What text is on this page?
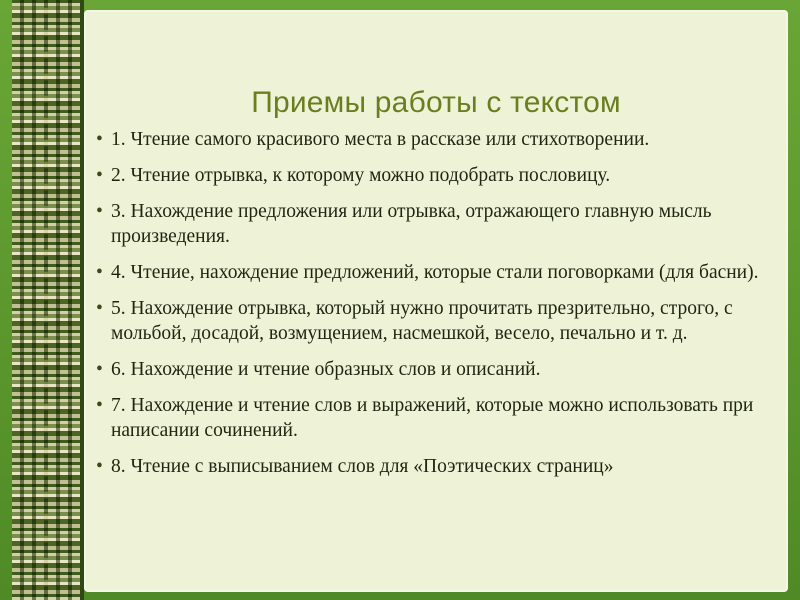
Приемы работы с текстом
• 1. Чтение самого красивого места в рассказе или стихотворении.
• 2. Чтение отрывка, к которому можно подобрать пословицу.
• 3. Нахождение предложения или отрывка, отражающего главную мысль произведения.
• 4. Чтение, нахождение предложений, которые стали поговорками (для басни).
• 5. Нахождение отрывка, который нужно прочитать презрительно, строго, с мольбой, досадой, возмущением, насмешкой, весело, печально и т. д.
• 6. Нахождение и чтение образных слов и описаний.
• 7. Нахождение и чтение слов и выражений, которые можно использовать при написании сочинений.
• 8. Чтение с выписыванием слов для «Поэтических страниц»
